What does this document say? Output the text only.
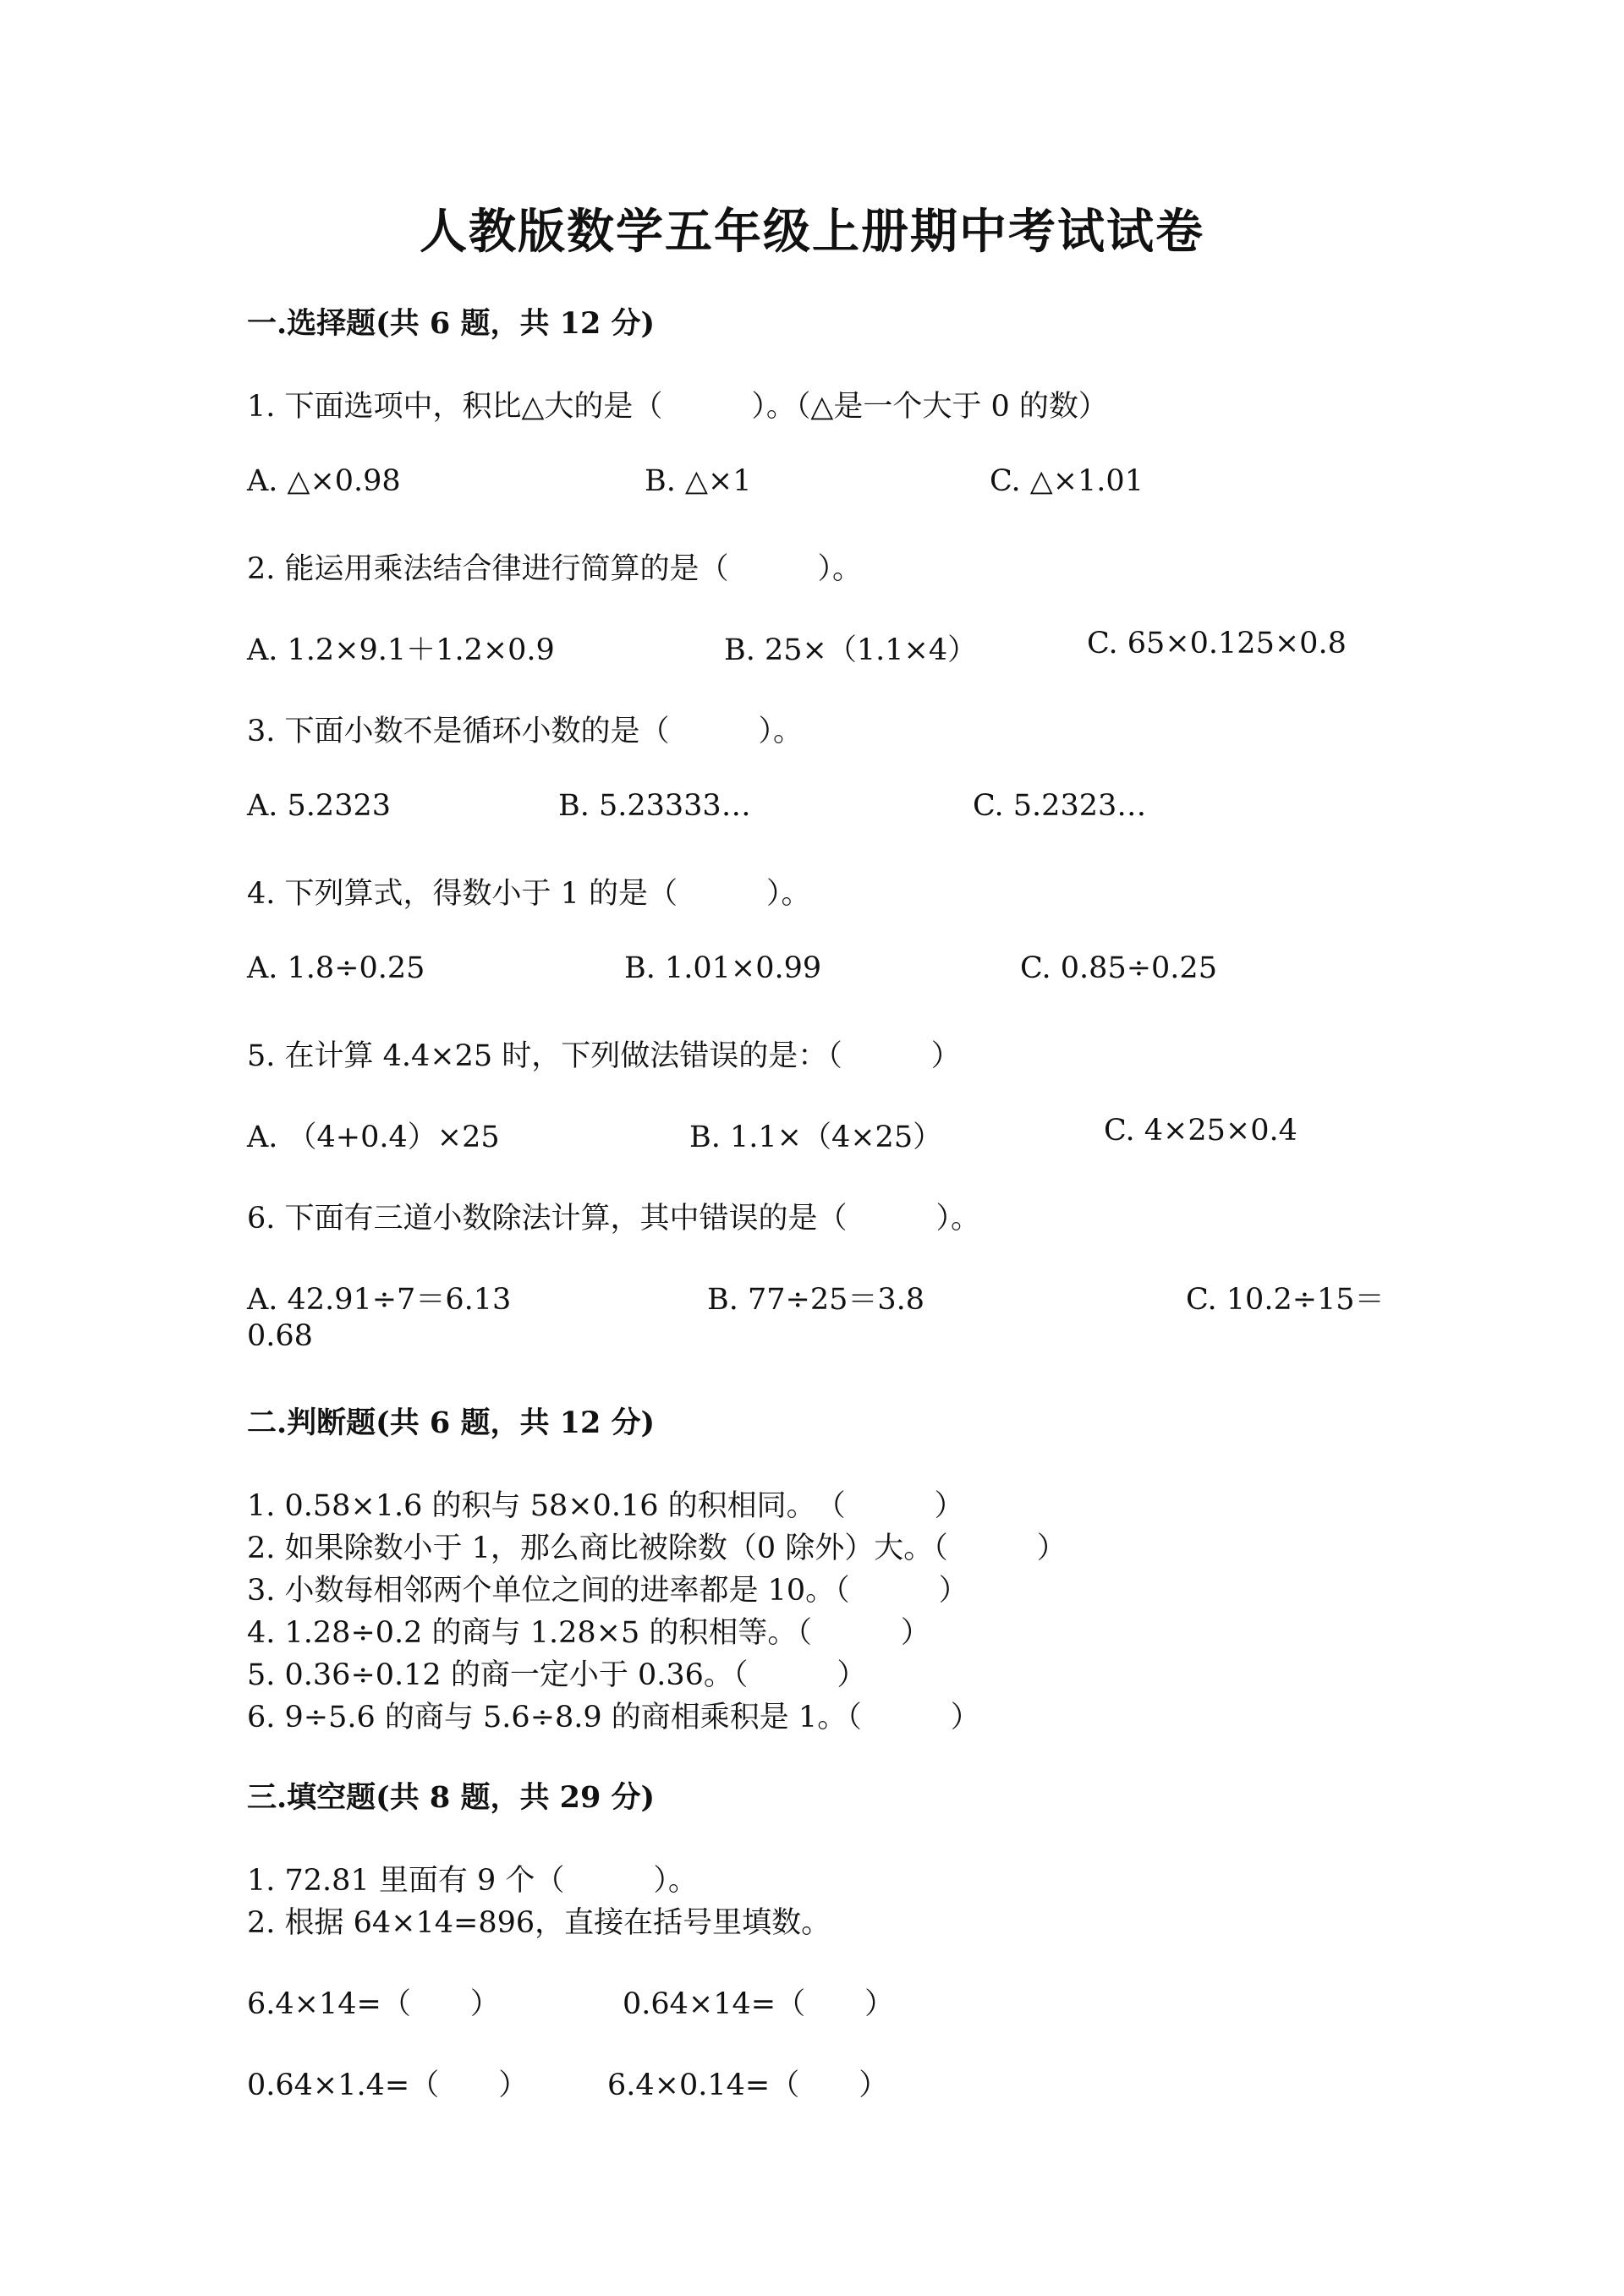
人教版数学五年级上册期中考试试卷
一.选择题(共 6 题，共 12 分)
1. 下面选项中，积比△大的是（　　　）。（△是一个大于 0 的数）
A. △×0.98	B. △×1	C. △×1.01
2. 能运用乘法结合律进行简算的是（　　　）。
A. 1.2×9.1＋1.2×0.9	B. 25×（1.1×4）	C. 65×0.125×0.8
3. 下面小数不是循环小数的是（　　　）。
A. 5.2323	B. 5.23333…	C. 5.2323…
4. 下列算式，得数小于 1 的是（　　　）。
A. 1.8÷0.25	B. 1.01×0.99	C. 0.85÷0.25
5. 在计算 4.4×25 时，下列做法错误的是：（　　　）
A. （4+0.4）×25	B. 1.1×（4×25）	C. 4×25×0.4
6. 下面有三道小数除法计算，其中错误的是（　　　）。
A. 42.91÷7＝6.13	B. 77÷25＝3.8	C. 10.2÷15＝
0.68
二.判断题(共 6 题，共 12 分)
1. 0.58×1.6 的积与 58×0.16 的积相同。　（　　　）
2. 如果除数小于 1，那么商比被除数（0 除外）大。（　　　）
3. 小数每相邻两个单位之间的进率都是 10。（　　　）
4. 1.28÷0.2 的商与 1.28×5 的积相等。（　　　）
5. 0.36÷0.12 的商一定小于 0.36。（　　　）
6. 9÷5.6 的商与 5.6÷8.9 的商相乘积是 1。（　　　）
三.填空题(共 8 题，共 29 分)
1. 72.81 里面有 9 个（　　　）。
2. 根据 64×14=896，直接在括号里填数。
6.4×14=（　　）	0.64×14=（　　）
0.64×1.4=（　　）	6.4×0.14=（　　）
